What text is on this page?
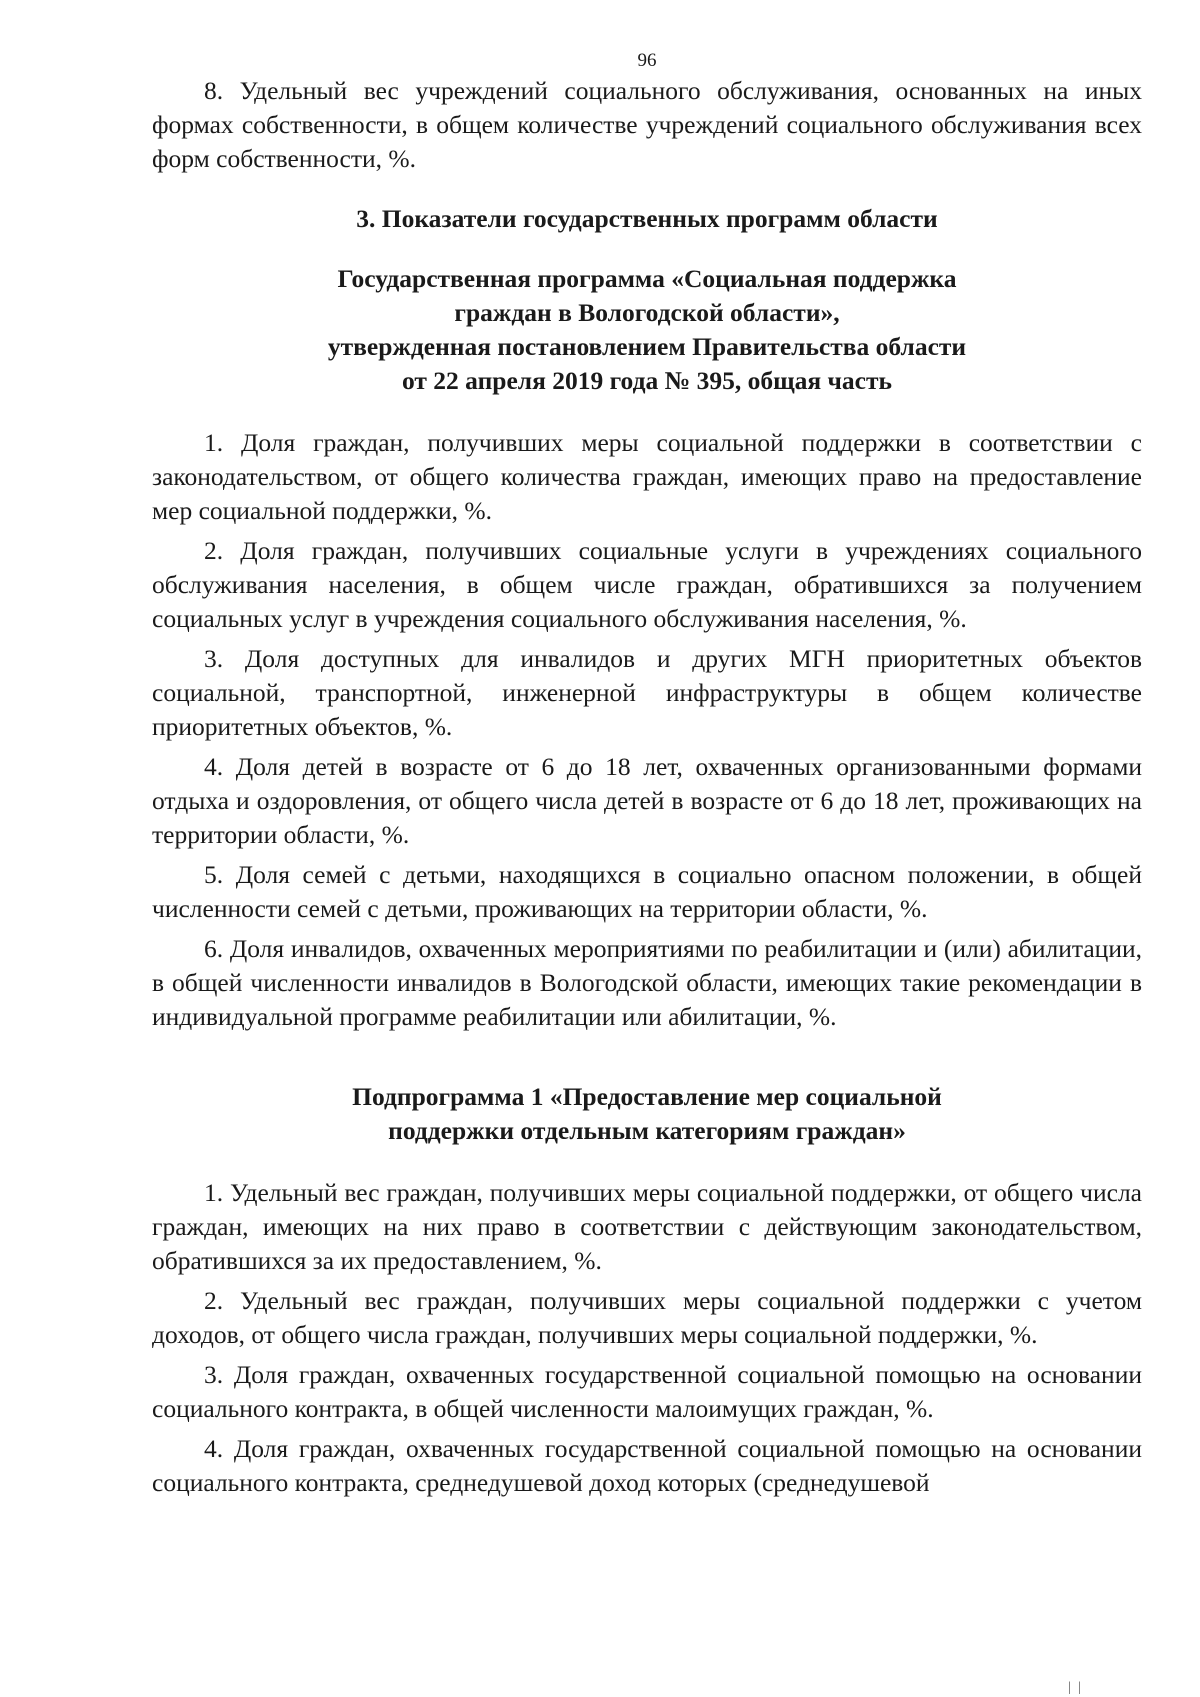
96

8. Удельный вес учреждений социального обслуживания, основанных на иных формах собственности, в общем количестве учреждений социального обслуживания всех форм собственности, %.

3. Показатели государственных программ области
Государственная программа «Социальная поддержка
граждан в Вологодской области»,
утвержденная постановлением Правительства области
от 22 апреля 2019 года № 395, общая часть

1. Доля граждан, получивших меры социальной поддержки в соответствии с законодательством, от общего количества граждан, имеющих право на предоставление мер социальной поддержки, %.

2. Доля граждан, получивших социальные услуги в учреждениях социального обслуживания населения, в общем числе граждан, обратившихся за получением социальных услуг в учреждения социального обслуживания населения, %.

3. Доля доступных для инвалидов и других МГН приоритетных объектов социальной, транспортной, инженерной инфраструктуры в общем количестве приоритетных объектов, %.

4. Доля детей в возрасте от 6 до 18 лет, охваченных организованными формами отдыха и оздоровления, от общего числа детей в возрасте от 6 до 18 лет, проживающих на территории области, %.

5. Доля семей с детьми, находящихся в социально опасном положении, в общей численности семей с детьми, проживающих на территории области, %.

6. Доля инвалидов, охваченных мероприятиями по реабилитации и (или) абилитации, в общей численности инвалидов в Вологодской области, имеющих такие рекомендации в индивидуальной программе реабилитации или абилитации, %.

Подпрограмма 1 «Предоставление мер социальной
поддержки отдельным категориям граждан»

1. Удельный вес граждан, получивших меры социальной поддержки, от общего числа граждан, имеющих на них право в соответствии с действующим законодательством, обратившихся за их предоставлением, %.

2. Удельный вес граждан, получивших меры социальной поддержки с учетом доходов, от общего числа граждан, получивших меры социальной поддержки, %.

3. Доля граждан, охваченных государственной социальной помощью на основании социального контракта, в общей численности малоимущих граждан, %.

4. Доля граждан, охваченных государственной социальной помощью на основании социального контракта, среднедушевой доход которых (среднедушевой

| |
